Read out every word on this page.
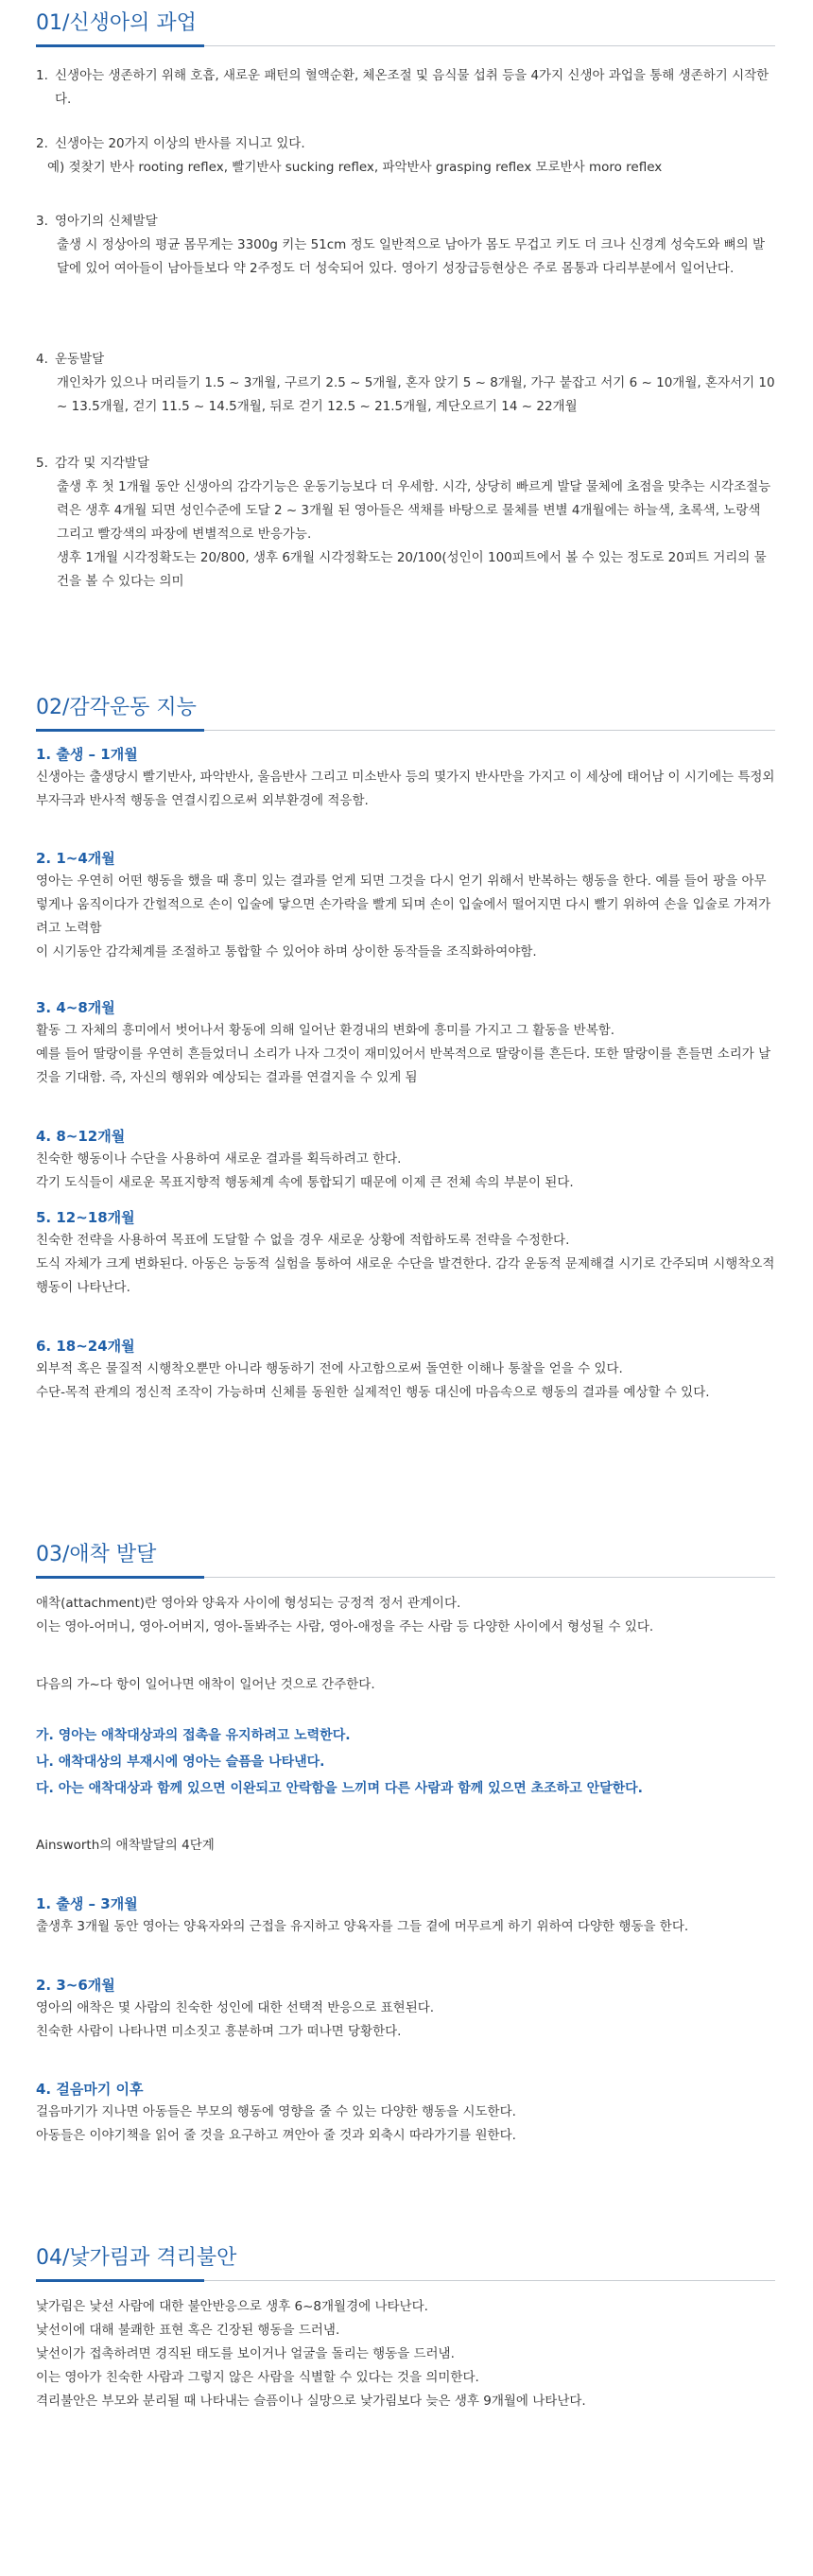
01/신생아의 과업

1. 신생아는 생존하기 위해 호흡, 새로운 패턴의 혈액순환, 체온조절 및 음식물 섭취 등을 4가지 신생아 과업을 통해 생존하기 시작한다.

2. 신생아는 20가지 이상의 반사를 지니고 있다.

예) 젖찾기 반사 rooting reflex, 빨기반사 sucking reflex, 파악반사 grasping reflex 모로반사 moro reflex

3. 영아기의 신체발달

출생 시 정상아의 평균 몸무게는 3300g 키는 51cm 정도 일반적으로 남아가 몸도 무겁고 키도 더 크나 신경계 성숙도와 뼈의 발달에 있어 여아들이 남아들보다 약 2주정도 더 성숙되어 있다. 영아기 성장급등현상은 주로 몸통과 다리부분에서 일어난다.

4. 운동발달

개인차가 있으나 머리들기 1.5 ~ 3개월, 구르기 2.5 ~ 5개월, 혼자 앉기 5 ~ 8개월, 가구 붙잡고 서기 6 ~ 10개월, 혼자서기 10 ~ 13.5개월, 걷기 11.5 ~ 14.5개월, 뒤로 걷기 12.5 ~ 21.5개월, 계단오르기 14 ~ 22개월

5. 감각 및 지각발달

출생 후 첫 1개월 동안 신생아의 감각기능은 운동기능보다 더 우세함. 시각, 상당히 빠르게 발달 물체에 초점을 맞추는 시각조절능력은 생후 4개월 되면 성인수준에 도달 2 ~ 3개월 된 영아들은 색채를 바탕으로 물체를 변별 4개월에는 하늘색, 초록색, 노랑색 그리고 빨강색의 파장에 변별적으로 반응가능.

생후 1개월 시각정확도는 20/800, 생후 6개월 시각정확도는 20/100(성인이 100피트에서 볼 수 있는 정도로 20피트 거리의 물건을 볼 수 있다는 의미

02/감각운동 지능

1. 출생 – 1개월

신생아는 출생당시 빨기반사, 파악반사, 울음반사 그리고 미소반사 등의 몇가지 반사만을 가지고 이 세상에 태어남 이 시기에는 특정외부자극과 반사적 행동을 연결시킴으로써 외부환경에 적응함.

2. 1~4개월

영아는 우연히 어떤 행동을 했을 때 흥미 있는 결과를 얻게 되면 그것을 다시 얻기 위해서 반복하는 행동을 한다. 예를 들어 팡을 아무렇게나 움직이다가 간헐적으로 손이 입술에 닿으면 손가락을 빨게 되며 손이 입술에서 떨어지면 다시 빨기 위하여 손을 입술로 가져가려고 노력함

이 시기동안 감각체계를 조절하고 통합할 수 있어야 하며 상이한 동작들을 조직화하여야함.

3. 4~8개월

활동 그 자체의 흥미에서 벗어나서 황동에 의해 일어난 환경내의 변화에 흥미를 가지고 그 활동을 반복함.

예를 들어 딸랑이를 우연히 흔들었더니 소리가 나자 그것이 재미있어서 반복적으로 딸랑이를 흔든다. 또한 딸랑이를 흔들면 소리가 날 것을 기대함. 즉, 자신의 행위와 예상되는 결과를 연결지을 수 있게 됨

4. 8~12개월

친숙한 행동이나 수단을 사용하여 새로운 결과를 획득하려고 한다.

각기 도식들이 새로운 목표지향적 행동체계 속에 통합되기 때문에 이제 큰 전체 속의 부분이 된다.

5. 12~18개월

친숙한 전략을 사용하여 목표에 도달할 수 없을 경우 새로운 상황에 적합하도록 전략을 수정한다.

도식 자체가 크게 변화된다. 아동은 능동적 실험을 통하여 새로운 수단을 발견한다. 감각 운동적 문제해결 시기로 간주되며 시행착오적 행동이 나타난다.

6. 18~24개월

외부적 혹은 물질적 시행착오뿐만 아니라 행동하기 전에 사고함으로써 돌연한 이해나 통찰을 얻을 수 있다.

수단-목적 관계의 정신적 조작이 가능하며 신체를 동원한 실제적인 행동 대신에 마음속으로 행동의 결과를 예상할 수 있다.

03/애착 발달

애착(attachment)란 영아와 양육자 사이에 형성되는 긍정적 정서 관계이다.

이는 영아-어머니, 영아-어버지, 영아-돌봐주는 사람, 영아-애정을 주는 사람 등 다양한 사이에서 형성될 수 있다.

다음의 가~다 항이 일어나면 애착이 일어난 것으로 간주한다.

가. 영아는 애착대상과의 접촉을 유지하려고 노력한다.

나. 애착대상의 부재시에 영아는 슬픔을 나타낸다.

다. 아는 애착대상과 함께 있으면 이완되고 안락함을 느끼며 다른 사람과 함께 있으면 초조하고 안달한다.

Ainsworth의 애착발달의 4단계

1. 출생 – 3개월

출생후 3개월 동안 영아는 양육자와의 근접을 유지하고 양육자를 그들 곁에 머무르게 하기 위하여 다양한 행동을 한다.

2. 3~6개월

영아의 애착은 몇 사람의 친숙한 성인에 대한 선택적 반응으로 표현된다.

친숙한 사람이 나타나면 미소짓고 흥분하며 그가 떠나면 당황한다.

4. 걸음마기 이후

걸음마기가 지나면 아동들은 부모의 행동에 영향을 줄 수 있는 다양한 행동을 시도한다.

아동들은 이야기책을 읽어 줄 것을 요구하고 껴안아 줄 것과 외축시 따라가기를 원한다.

04/낯가림과 격리불안

낯가림은 낯선 사람에 대한 불안반응으로 생후 6~8개월경에 나타난다.

낯선이에 대해 불쾌한 표현 혹은 긴장된 행동을 드러냄.

낯선이가 접촉하려면 경직된 태도를 보이거나 얼굴을 돌리는 행동을 드러냄.

이는 영아가 친숙한 사람과 그렇지 않은 사람을 식별할 수 있다는 것을 의미한다.

격리불안은 부모와 분리될 때 나타내는 슬픔이나 실망으로 낯가림보다 늦은 생후 9개월에 나타난다.
